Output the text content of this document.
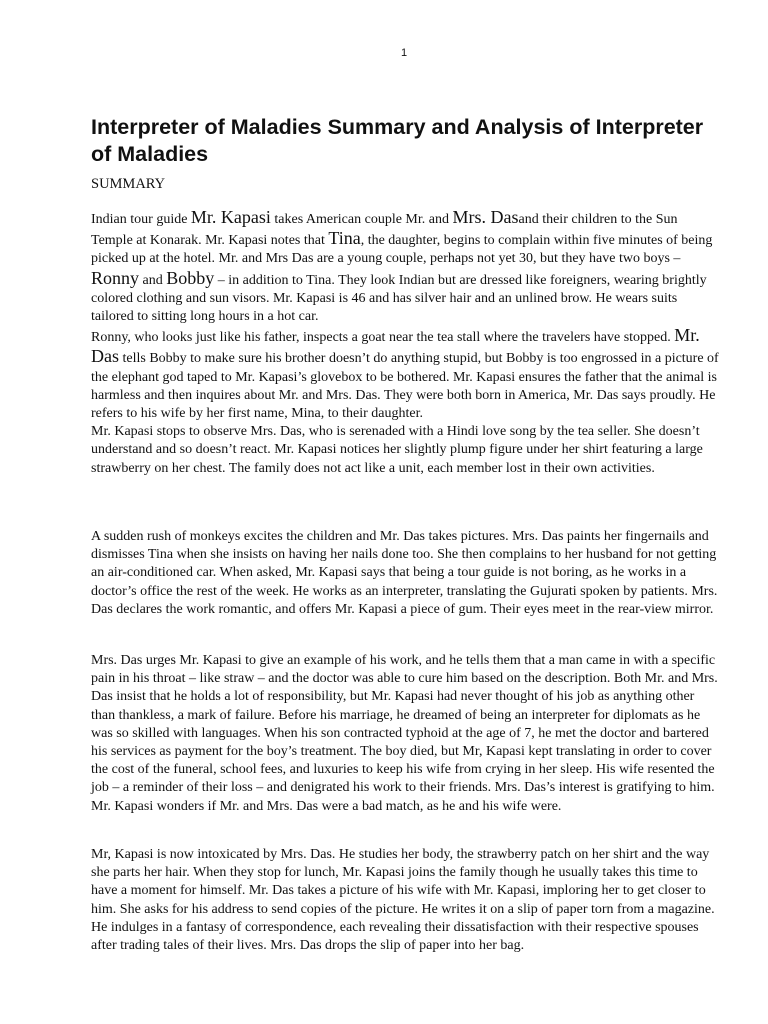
1
Interpreter of Maladies Summary and Analysis of Interpreter of Maladies

SUMMARY

Indian tour guide Mr. Kapasi takes American couple Mr. and Mrs. Dasand their children to the Sun Temple at Konarak. Mr. Kapasi notes that Tina, the daughter, begins to complain within five minutes of being picked up at the hotel. Mr. and Mrs Das are a young couple, perhaps not yet 30, but they have two boys – Ronny and Bobby – in addition to Tina. They look Indian but are dressed like foreigners, wearing brightly colored clothing and sun visors. Mr. Kapasi is 46 and has silver hair and an unlined brow. He wears suits tailored to sitting long hours in a hot car.
Ronny, who looks just like his father, inspects a goat near the tea stall where the travelers have stopped. Mr. Das tells Bobby to make sure his brother doesn’t do anything stupid, but Bobby is too engrossed in a picture of the elephant god taped to Mr. Kapasi’s glovebox to be bothered. Mr. Kapasi ensures the father that the animal is harmless and then inquires about Mr. and Mrs. Das. They were both born in America, Mr. Das says proudly. He refers to his wife by her first name, Mina, to their daughter.
Mr. Kapasi stops to observe Mrs. Das, who is serenaded with a Hindi love song by the tea seller. She doesn’t understand and so doesn’t react. Mr. Kapasi notices her slightly plump figure under her shirt featuring a large strawberry on her chest. The family does not act like a unit, each member lost in their own activities.

A sudden rush of monkeys excites the children and Mr. Das takes pictures. Mrs. Das paints her fingernails and dismisses Tina when she insists on having her nails done too. She then complains to her husband for not getting an air-conditioned car. When asked, Mr. Kapasi says that being a tour guide is not boring, as he works in a doctor’s office the rest of the week. He works as an interpreter, translating the Gujurati spoken by patients. Mrs. Das declares the work romantic, and offers Mr. Kapasi a piece of gum. Their eyes meet in the rear-view mirror.

Mrs. Das urges Mr. Kapasi to give an example of his work, and he tells them that a man came in with a specific pain in his throat – like straw – and the doctor was able to cure him based on the description. Both Mr. and Mrs. Das insist that he holds a lot of responsibility, but Mr. Kapasi had never thought of his job as anything other than thankless, a mark of failure. Before his marriage, he dreamed of being an interpreter for diplomats as he was so skilled with languages. When his son contracted typhoid at the age of 7, he met the doctor and bartered his services as payment for the boy’s treatment. The boy died, but Mr, Kapasi kept translating in order to cover the cost of the funeral, school fees, and luxuries to keep his wife from crying in her sleep. His wife resented the job – a reminder of their loss – and denigrated his work to their friends. Mrs. Das’s interest is gratifying to him. Mr. Kapasi wonders if Mr. and Mrs. Das were a bad match, as he and his wife were.

Mr, Kapasi is now intoxicated by Mrs. Das. He studies her body, the strawberry patch on her shirt and the way she parts her hair. When they stop for lunch, Mr. Kapasi joins the family though he usually takes this time to have a moment for himself. Mr. Das takes a picture of his wife with Mr. Kapasi, imploring her to get closer to him. She asks for his address to send copies of the picture. He writes it on a slip of paper torn from a magazine. He indulges in a fantasy of correspondence, each revealing their dissatisfaction with their respective spouses after trading tales of their lives. Mrs. Das drops the slip of paper into her bag.
